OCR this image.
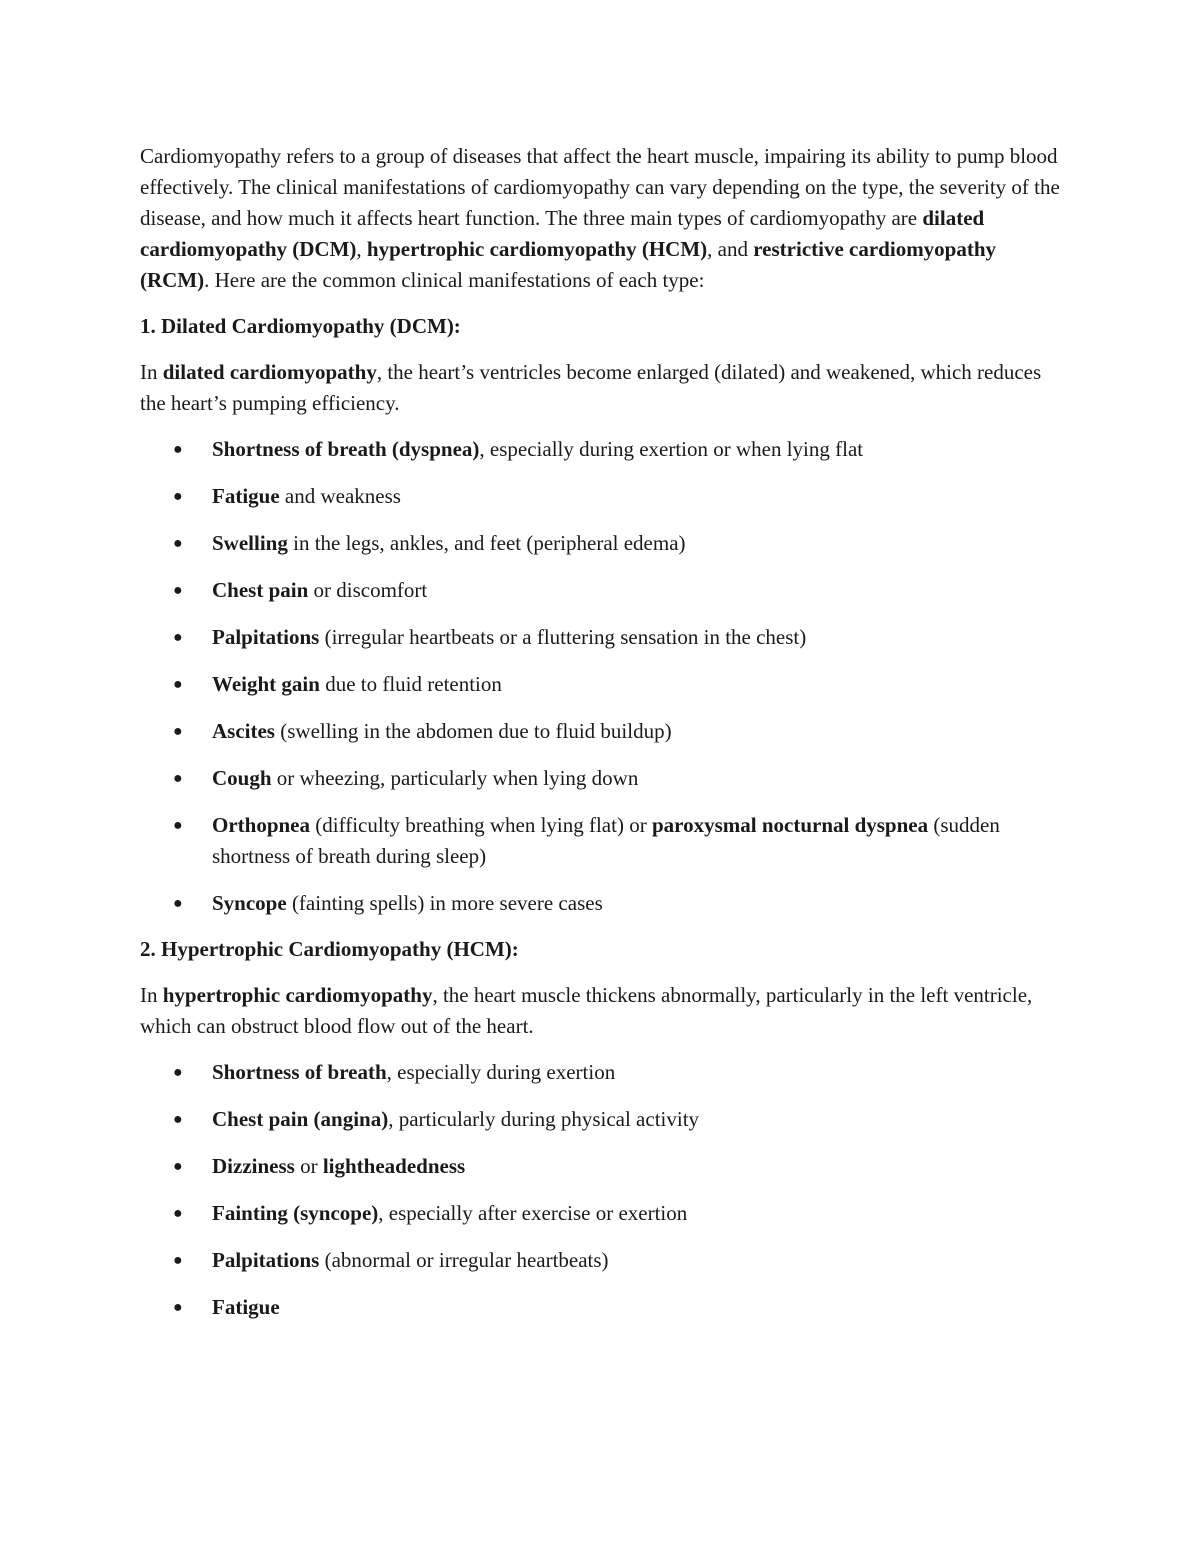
Cardiomyopathy refers to a group of diseases that affect the heart muscle, impairing its ability to pump blood effectively. The clinical manifestations of cardiomyopathy can vary depending on the type, the severity of the disease, and how much it affects heart function. The three main types of cardiomyopathy are dilated cardiomyopathy (DCM), hypertrophic cardiomyopathy (HCM), and restrictive cardiomyopathy (RCM). Here are the common clinical manifestations of each type:

1. Dilated Cardiomyopathy (DCM):

In dilated cardiomyopathy, the heart’s ventricles become enlarged (dilated) and weakened, which reduces the heart’s pumping efficiency.

● Shortness of breath (dyspnea), especially during exertion or when lying flat
● Fatigue and weakness
● Swelling in the legs, ankles, and feet (peripheral edema)
● Chest pain or discomfort
● Palpitations (irregular heartbeats or a fluttering sensation in the chest)
● Weight gain due to fluid retention
● Ascites (swelling in the abdomen due to fluid buildup)
● Cough or wheezing, particularly when lying down
● Orthopnea (difficulty breathing when lying flat) or paroxysmal nocturnal dyspnea (sudden shortness of breath during sleep)
● Syncope (fainting spells) in more severe cases

2. Hypertrophic Cardiomyopathy (HCM):

In hypertrophic cardiomyopathy, the heart muscle thickens abnormally, particularly in the left ventricle, which can obstruct blood flow out of the heart.

● Shortness of breath, especially during exertion
● Chest pain (angina), particularly during physical activity
● Dizziness or lightheadedness
● Fainting (syncope), especially after exercise or exertion
● Palpitations (abnormal or irregular heartbeats)
● Fatigue
